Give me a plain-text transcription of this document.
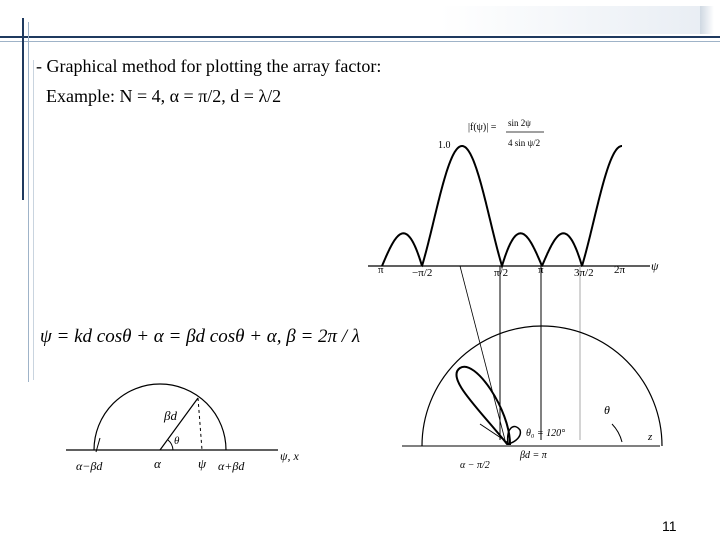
- Graphical method for plotting the array factor:
Example: N = 4, α = π/2, d = λ/2
ψ = kd cosθ + α = βd cosθ + α, β = 2π / λ
ψ
π	−π/2	π/2	π	3π/2 2π
|f(ψ)| = sin 2ψ
4 sin ψ/2
1.0
z
θ₀ = 120°
θ
βd = π
α − π/2
βd
θ
α	ψ
α−βd	α+βd
ψ, x
11
